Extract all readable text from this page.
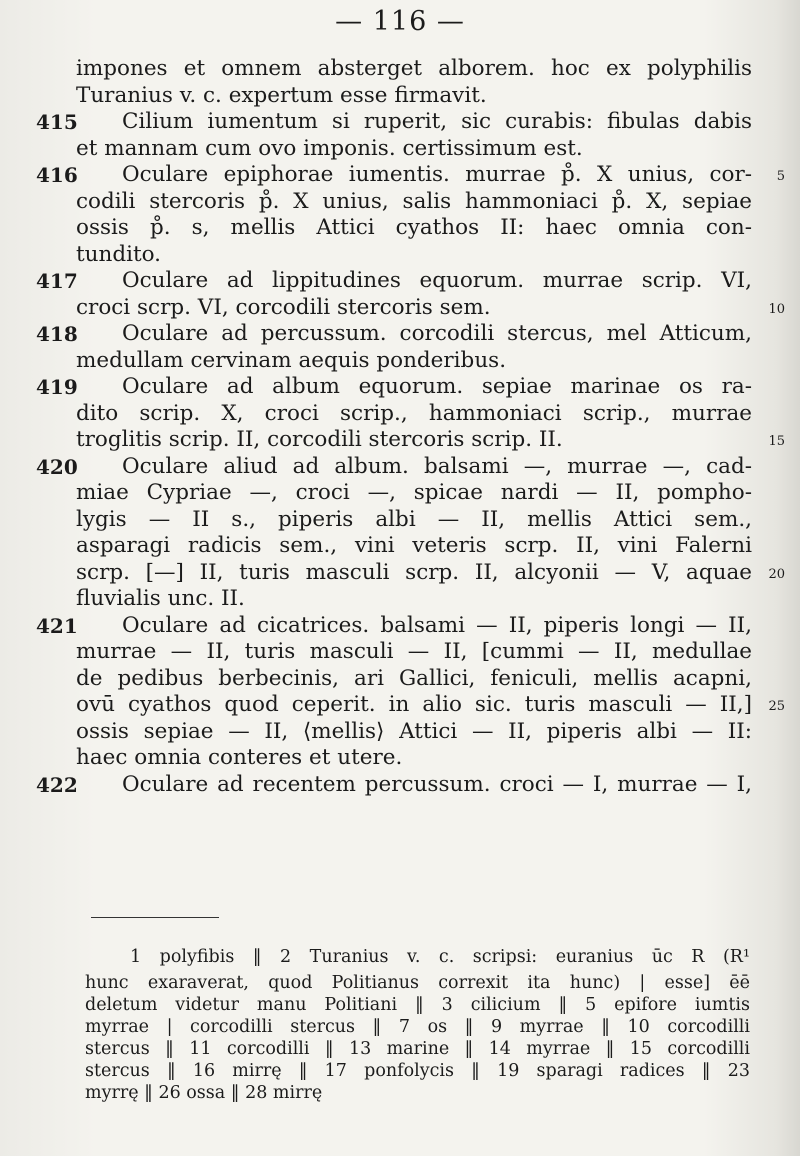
— 116 —
impones et omnem absterget alborem. hoc ex polyphilis
Turanius v. c. expertum esse firmavit.
415 Cilium iumentum si ruperit, sic curabis: fibulas dabis
et mannam cum ovo imponis. certissimum est.
416 Oculare epiphorae iumentis. murrae p̊. X unius, cor- 5
codili stercoris p̊. X unius, salis hammoniaci p̊. X, sepiae
ossis p̊. s, mellis Attici cyathos II: haec omnia con-
tundito.
417 Oculare ad lippitudines equorum. murrae scrip. VI,
croci scrp. VI, corcodili stercoris sem.	10
418 Oculare ad percussum. corcodili stercus, mel Atticum,
medullam cervinam aequis ponderibus.
419 Oculare ad album equorum. sepiae marinae os ra-
dito scrip. X, croci scrip., hammoniaci scrip., murrae
troglitis scrip. II, corcodili stercoris scrip. II.	15
420 Oculare aliud ad album. balsami —, murrae —, cad-
miae Cypriae —, croci —, spicae nardi — II, pompho-
lygis — II s., piperis albi — II, mellis Attici sem.,
asparagi radicis sem., vini veteris scrp. II, vini Falerni
scrp. [—] II, turis masculi scrp. II, alcyonii — V, aquae 20
fluvialis unc. II.
421 Oculare ad cicatrices. balsami — II, piperis longi — II,
murrae — II, turis masculi — II, [cummi — II, medullae
de pedibus berbecinis, ari Gallici, feniculi, mellis acapni,
ovū cyathos quod ceperit. in alio sic. turis masculi — II,] 25
ossis sepiae — II, ⟨mellis⟩ Attici — II, piperis albi — II:
haec omnia conteres et utere.
422 Oculare ad recentem percussum. croci — I, murrae — I,
1 polyfibis ‖ 2 Turanius v. c. scripsi: euranius ūc R (R¹
hunc exaraverat, quod Politianus correxit ita hunc) | esse] ēē
deletum videtur manu Politiani ‖ 3 cilicium ‖ 5 epifore iumtis
myrrae | corcodilli stercus ‖ 7 os ‖ 9 myrrae ‖ 10 corcodilli
stercus ‖ 11 corcodilli ‖ 13 marine ‖ 14 myrrae ‖ 15 corcodilli
stercus ‖ 16 mirrę ‖ 17 ponfolycis ‖ 19 sparagi radices ‖ 23
myrrę ‖ 26 ossa ‖ 28 mirrę
